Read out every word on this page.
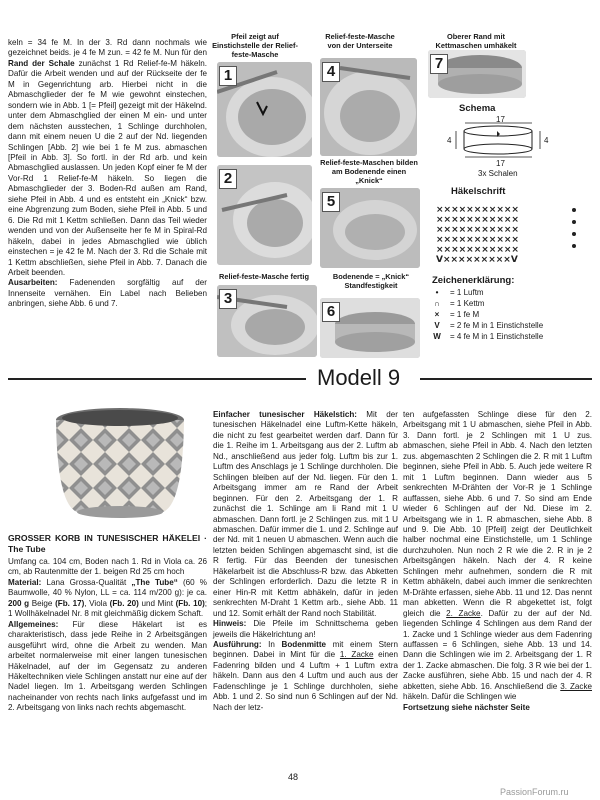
keln = 34 fe M. In der 3. Rd dann nochmals wie gezeichnet beids. je 4 fe M zun. = 42 fe M. Nun für den Rand der Schale zunächst 1 Rd Relief-fe-M häkeln. Dafür die Arbeit wenden und auf der Rückseite der fe M in Gegenrichtung arb. Hierbei nicht in die Abmaschglieder der fe M wie gewohnt einstechen, sondern wie in Abb. 1 [= Pfeil] gezeigt mit der Häkelnd. unter dem Abmaschglied der einen M ein- und unter dem nächsten ausstechen, 1 Schlinge durchholen, dann mit einem neuen U die 2 auf der Nd. liegenden Schlingen [Abb. 2] wie bei 1 fe M zus. abmaschen [Pfeil in Abb. 3]. So fortl. in der Rd arb. und kein Abmaschglied auslassen. Un jeden Kopf einer fe M der Vor-Rd 1 Relief-fe-M häkeln. So liegen die Abmaschglieder der 3. Boden-Rd außen am Rand, siehe Pfeil in Abb. 4 und es entsteht ein „Knick“ bzw. eine Abgrenzung zum Boden, siehe Pfeil in Abb. 5 und 6. Die Rd mit 1 Kettm schließen. Dann das Teil wieder wenden und von der Außenseite her fe M in Spiral-Rd häkeln, dabei in jedes Abmaschglied wie üblich einstechen = je 42 fe M. Nach der 3. Rd die Schale mit 1 Kettm abschließen, siehe Pfeil in Abb. 7. Danach die Arbeit beenden.

Ausarbeiten: Fadenenden sorgfältig auf der Innenseite vernähen. Ein Label nach Belieben anbringen, siehe Abb. 6 und 7.

Pfeil zeigt auf Einstichstelle der Relief-feste-Masche
Relief-feste-Masche von der Unterseite
Oberer Rand mit Kettmaschen umhäkelt
Relief-feste-Maschen bilden am Bodenende einen „Knick“
Relief-feste-Masche fertig	Bodenende = „Knick“ Standfestigkeit
1
2
3
4
5
6
7
Schema
17
17
4	4
3x Schalen
Häkelschrift
×××××××××××
×××××××××××
×××××××××××
×××××××××××
×××××××××××
V×××××××××V
Zeichenerklärung:
•	= 1 Luftm
∩	= 1 Kettm
×	= 1 fe M
V	= 2 fe M in 1 Einstichstelle
W	= 4 fe M in 1 Einstichstelle
Modell 9
GROSSER KORB IN TUNESISCHER HÄKELEI · The Tube

Umfang ca. 104 cm, Boden nach 1. Rd in Viola ca. 26 cm, ab Rautenmitte der 1. beigen Rd 25 cm hoch

Material: Lana Grossa-Qualität „The Tube“ (60 % Baumwolle, 40 % Nylon, LL = ca. 114 m/200 g): je ca. 200 g Beige (Fb. 17), Viola (Fb. 20) und Mint (Fb. 10); 1 Wollhäkelnadel Nr. 8 mit gleichmäßig dickem Schaft.

Allgemeines: Für diese Häkelart ist es charakteristisch, dass jede Reihe in 2 Arbeitsgängen ausgeführt wird, ohne die Arbeit zu wenden. Man arbeitet normalerweise mit einer langen tunesischen Häkelnadel, auf der im Gegensatz zu anderen Häkeltechniken viele Schlingen anstatt nur eine auf der Nadel liegen. Im 1. Arbeitsgang werden Schlingen nacheinander von rechts nach links aufgefasst und im 2. Arbeitsgang von links nach rechts abgemascht.

Einfacher tunesischer Häkelstich: Mit der tunesischen Häkelnadel eine Luftm-Kette häkeln, die nicht zu fest gearbeitet werden darf. Dann für die 1. Reihe im 1. Arbeitsgang aus der 2. Luftm ab Nd., anschließend aus jeder folg. Luftm bis zur 1. Luftm des Anschlags je 1 Schlinge durchholen. Die Schlingen bleiben auf der Nd. liegen. Für den 1. Arbeitsgang immer am re Rand der Arbeit beginnen. Für den 2. Arbeitsgang der 1. R zunächst die 1. Schlinge am li Rand mit 1 U abmaschen. Dann fortl. je 2 Schlingen zus. mit 1 U abmaschen. Dafür immer die 1. und 2. Schlinge auf der Nd. mit 1 neuen U abmaschen. Wenn auch die letzten beiden Schlingen abgemascht sind, ist die R fertig. Für das Beenden der tunesischen Häkelarbeit ist die Abschluss-R bzw. das Abketten der Schlingen erforderlich. Dazu die letzte R in einer Hin-R mit Kettm abhäkeln, dafür in jeden senkrechten M-Draht 1 Kettm arb., siehe Abb. 11 und 12. Somit erhält der Rand noch Stabilität.

Hinweis: Die Pfeile im Schnittschema geben jeweils die Häkelrichtung an!

Ausführung: In Bodenmitte mit einem Stern beginnen. Dabei in Mint für die 1. Zacke einen Fadenring bilden und 4 Luftm + 1 Luftm extra häkeln. Dann aus den 4 Luftm und auch aus der Fadenschlinge je 1 Schlinge durchholen, siehe Abb. 1 und 2. So sind nun 6 Schlingen auf der Nd. Nach der letz-

ten aufgefassten Schlinge diese für den 2. Arbeitsgang mit 1 U abmaschen, siehe Pfeil in Abb. 3. Dann fortl. je 2 Schlingen mit 1 U zus. abmaschen, siehe Pfeil in Abb. 4. Nach den letzten zus. abgemaschten 2 Schlingen die 2. R mit 1 Luftm beginnen, siehe Pfeil in Abb. 5. Auch jede weitere R mit 1 Luftm beginnen. Dann wieder aus 5 senkrechten M-Drähten der Vor-R je 1 Schlinge auffassen, siehe Abb. 6 und 7. So sind am Ende wieder 6 Schlingen auf der Nd. Diese im 2. Arbeitsgang wie in 1. R abmaschen, siehe Abb. 8 und 9. Die Abb. 10 [Pfeil] zeigt der Deutlichkeit halber nochmal eine Einstichstelle, um 1 Schlinge durchzuholen. Nun noch 2 R wie die 2. R in je 2 Arbeitsgängen häkeln. Nach der 4. R keine Schlingen mehr aufnehmen, sondern die R mit Kettm abhäkeln, dabei auch immer die senkrechten M-Drähte erfassen, siehe Abb. 11 und 12. Das nennt man abketten. Wenn die R abgekettet ist, folgt gleich die 2. Zacke. Dafür zu der auf der Nd. liegenden Schlinge 4 Schlingen aus dem Rand der 1. Zacke und 1 Schlinge wieder aus dem Fadenring auffassen = 6 Schlingen, siehe Abb. 13 und 14. Dann die Schlingen wie im 2. Arbeitsgang der 1. R der 1. Zacke abmaschen. Die folg. 3 R wie bei der 1. Zacke ausführen, siehe Abb. 15 und nach der 4. R abketten, siehe Abb. 16. Anschließend die 3. Zacke häkeln. Dafür die Schlingen wie

Fortsetzung siehe nächster Seite

48
PassionForum.ru
